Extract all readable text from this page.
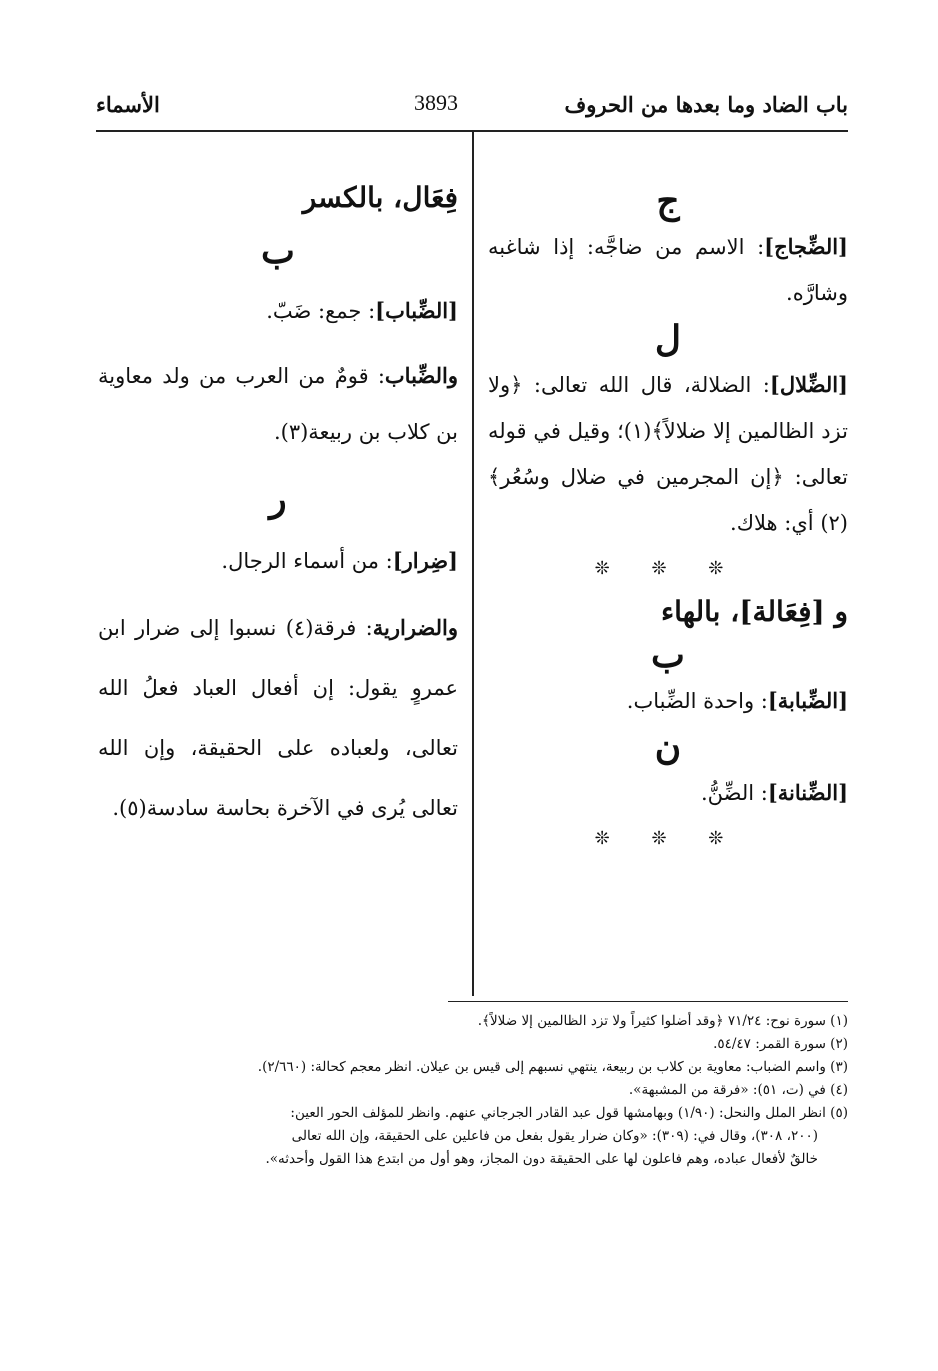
باب الضاد وما بعدها من الحروف
3893
الأسماء
ج

[الضِّجاج]: الاسم من ضاجَّه: إذا شاغبه وشارَّه.

ل

[الضِّلال]: الضلالة، قال الله تعالى: ﴿ولا تزد الظالمين إلا ضلالاً﴾(١)؛ وقيل في قوله تعالى: ﴿إن المجرمين في ضلال وسُعُر﴾(٢) أي: هلاك.

❊ ❊ ❊
و [فِعَالة]، بالهاء
ب

[الضِّبابة]: واحدة الضِّباب.

ن

[الضِّنانة]: الضِّنُّ.

❊ ❊ ❊
فِعَال، بالكسر
ب

[الضِّباب]: جمع: ضَبّ.

والضِّباب: قومٌ من العرب من ولد معاوية بن كلاب بن ربيعة(٣).

ر

[ضِرار]: من أسماء الرجال.

والضرارية: فرقة(٤) نسبوا إلى ضرار ابن عمروٍ يقول: إن أفعال العباد فعلُ الله تعالى، ولعباده على الحقيقة، وإن الله تعالى يُرى في الآخرة بحاسة سادسة(٥).

(١) سورة نوح: ٧١/٢٤ ﴿وقد أضلوا كثيراً ولا تزد الظالمين إلا ضلالاً﴾.

(٢) سورة القمر: ٥٤/٤٧.

(٣) واسم الضباب: معاوية بن كلاب بن ربيعة، ينتهي نسبهم إلى قيس بن عيلان. انظر معجم كحالة: (٢/٦٦٠).

(٤) في (ت، ٥١): «فرقة من المشبهة».

(٥) انظر الملل والنحل: (١/٩٠) وبهامشها قول عبد القادر الجرجاني عنهم. وانظر للمؤلف الحور العين:

(٢٠٠، ٣٠٨)، وقال في: (٣٠٩): «وكان ضرار يقول بفعل من فاعلين على الحقيقة، وإن الله تعالى

خالقٌ لأفعال عباده، وهم فاعلون لها على الحقيقة دون المجاز، وهو أول من ابتدع هذا القول وأحدثه».
